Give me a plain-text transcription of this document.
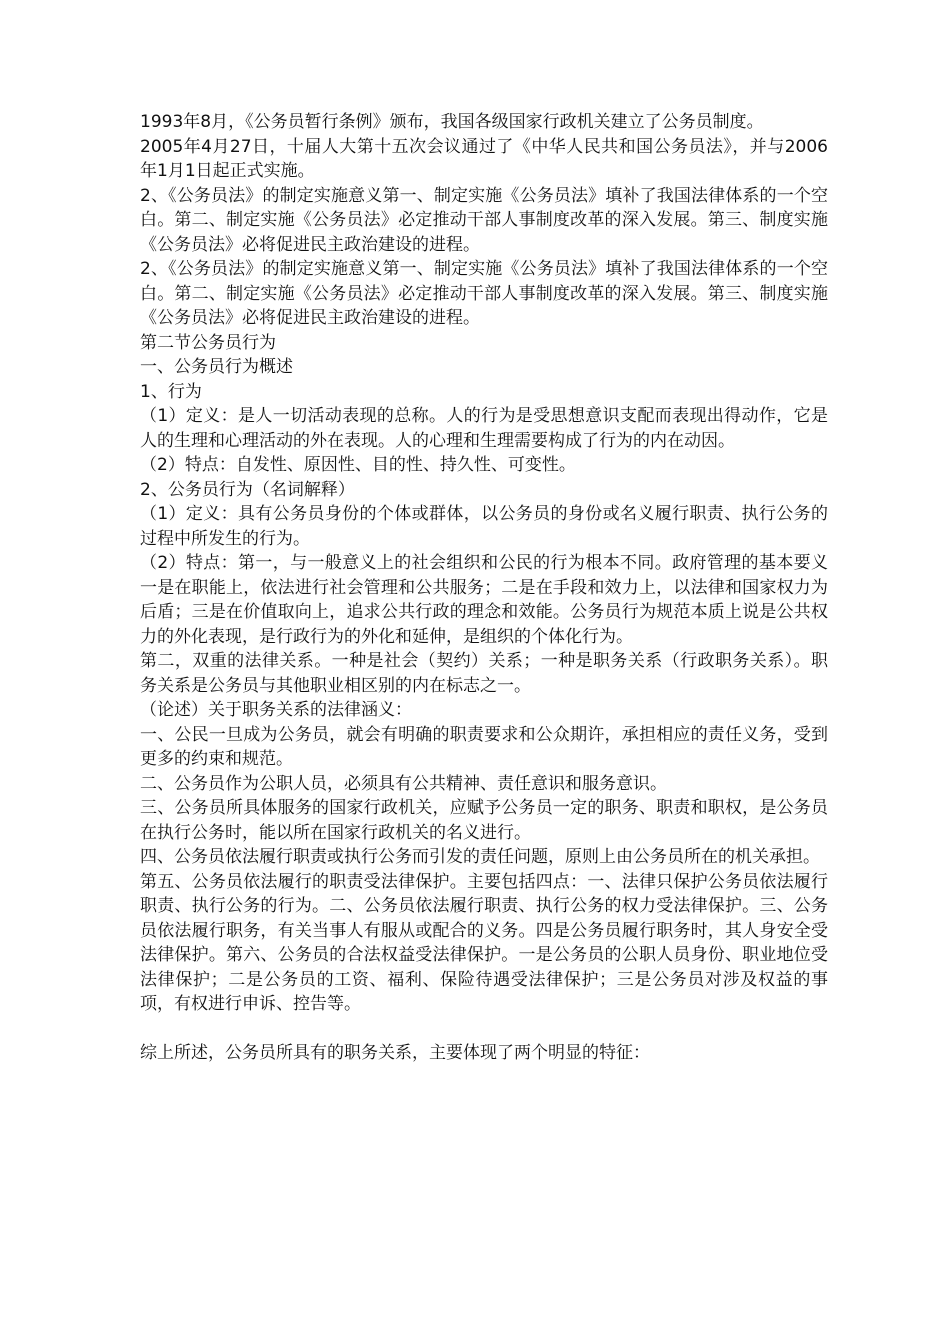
1993年8月，《公务员暂行条例》颁布，我国各级国家行政机关建立了公务员制度。

2005年4月27日，十届人大第十五次会议通过了《中华人民共和国公务员法》，并与2006年1月1日起正式实施。

2、《公务员法》的制定实施意义第一、制定实施《公务员法》填补了我国法律体系的一个空白。第二、制定实施《公务员法》必定推动干部人事制度改革的深入发展。第三、制度实施《公务员法》必将促进民主政治建设的进程。

2、《公务员法》的制定实施意义第一、制定实施《公务员法》填补了我国法律体系的一个空白。第二、制定实施《公务员法》必定推动干部人事制度改革的深入发展。第三、制度实施《公务员法》必将促进民主政治建设的进程。

第二节公务员行为

一、公务员行为概述

1、行为

（1）定义：是人一切活动表现的总称。人的行为是受思想意识支配而表现出得动作，它是人的生理和心理活动的外在表现。人的心理和生理需要构成了行为的内在动因。

（2）特点：自发性、原因性、目的性、持久性、可变性。

2、公务员行为（名词解释）

（1）定义：具有公务员身份的个体或群体，以公务员的身份或名义履行职责、执行公务的过程中所发生的行为。

（2）特点：第一，与一般意义上的社会组织和公民的行为根本不同。政府管理的基本要义一是在职能上，依法进行社会管理和公共服务；二是在手段和效力上，以法律和国家权力为后盾；三是在价值取向上，追求公共行政的理念和效能。公务员行为规范本质上说是公共权力的外化表现，是行政行为的外化和延伸，是组织的个体化行为。

第二，双重的法律关系。一种是社会（契约）关系；一种是职务关系（行政职务关系）。职务关系是公务员与其他职业相区别的内在标志之一。

（论述）关于职务关系的法律涵义：

一、公民一旦成为公务员，就会有明确的职责要求和公众期许，承担相应的责任义务，受到更多的约束和规范。

二、公务员作为公职人员，必须具有公共精神、责任意识和服务意识。

三、公务员所具体服务的国家行政机关，应赋予公务员一定的职务、职责和职权，是公务员在执行公务时，能以所在国家行政机关的名义进行。

四、公务员依法履行职责或执行公务而引发的责任问题，原则上由公务员所在的机关承担。

第五、公务员依法履行的职责受法律保护。主要包括四点：一、法律只保护公务员依法履行职责、执行公务的行为。二、公务员依法履行职责、执行公务的权力受法律保护。三、公务员依法履行职务，有关当事人有服从或配合的义务。四是公务员履行职务时，其人身安全受法律保护。第六、公务员的合法权益受法律保护。一是公务员的公职人员身份、职业地位受法律保护；二是公务员的工资、福利、保险待遇受法律保护；三是公务员对涉及权益的事项，有权进行申诉、控告等。

综上所述，公务员所具有的职务关系，主要体现了两个明显的特征：
